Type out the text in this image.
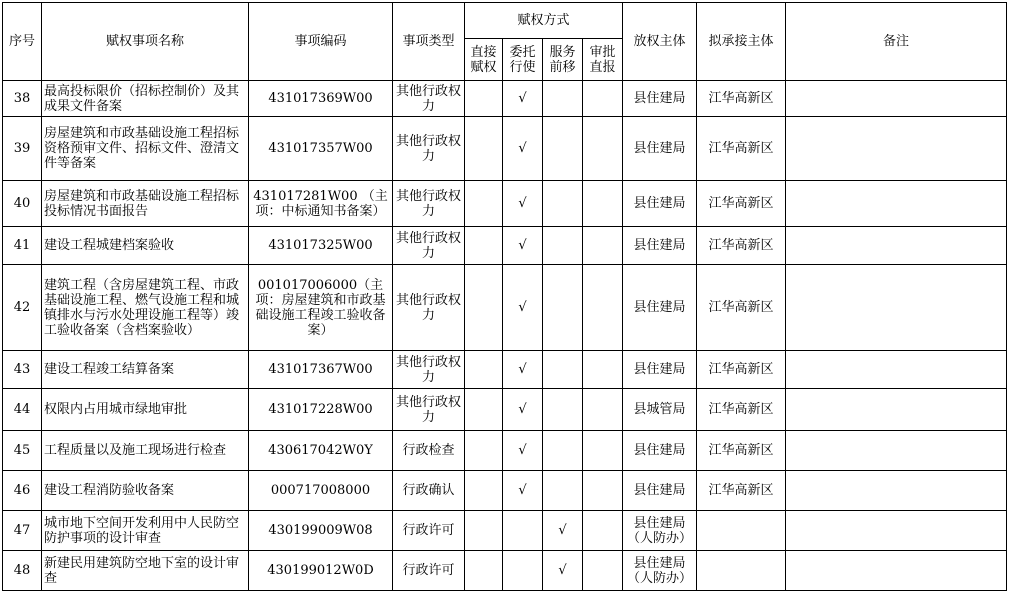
序号	赋权事项名称	事项编码	事项类型	赋权方式				放权主体	拟承接主体	备注
				直接赋权	委托行使	服务前移	审批直报			
38	最高投标限价（招标控制价）及其成果文件备案	431017369W00	其他行政权力		√			县住建局	江华高新区	
39	房屋建筑和市政基础设施工程招标资格预审文件、招标文件、澄清文件等备案	431017357W00	其他行政权力		√			县住建局	江华高新区	
40	房屋建筑和市政基础设施工程招标投标情况书面报告	431017281W00 （主项：中标通知书备案）	其他行政权力		√			县住建局	江华高新区	
41	建设工程城建档案验收	431017325W00	其他行政权力		√			县住建局	江华高新区	
42	建筑工程（含房屋建筑工程、市政基础设施工程、燃气设施工程和城镇排水与污水处理设施工程等）竣工验收备案（含档案验收）	001017006000（主项：房屋建筑和市政基础设施工程竣工验收备案）	其他行政权力		√			县住建局	江华高新区	
43	建设工程竣工结算备案	431017367W00	其他行政权力		√			县住建局	江华高新区	
44	权限内占用城市绿地审批	431017228W00	其他行政权力		√			县城管局	江华高新区	
45	工程质量以及施工现场进行检查	430617042W0Y	行政检查		√			县住建局	江华高新区	
46	建设工程消防验收备案	000717008000	行政确认		√			县住建局	江华高新区	
47	城市地下空间开发利用中人民防空防护事项的设计审查	430199009W08	行政许可			√		县住建局（人防办）		
48	新建民用建筑防空地下室的设计审查	430199012W0D	行政许可			√		县住建局（人防办）		
